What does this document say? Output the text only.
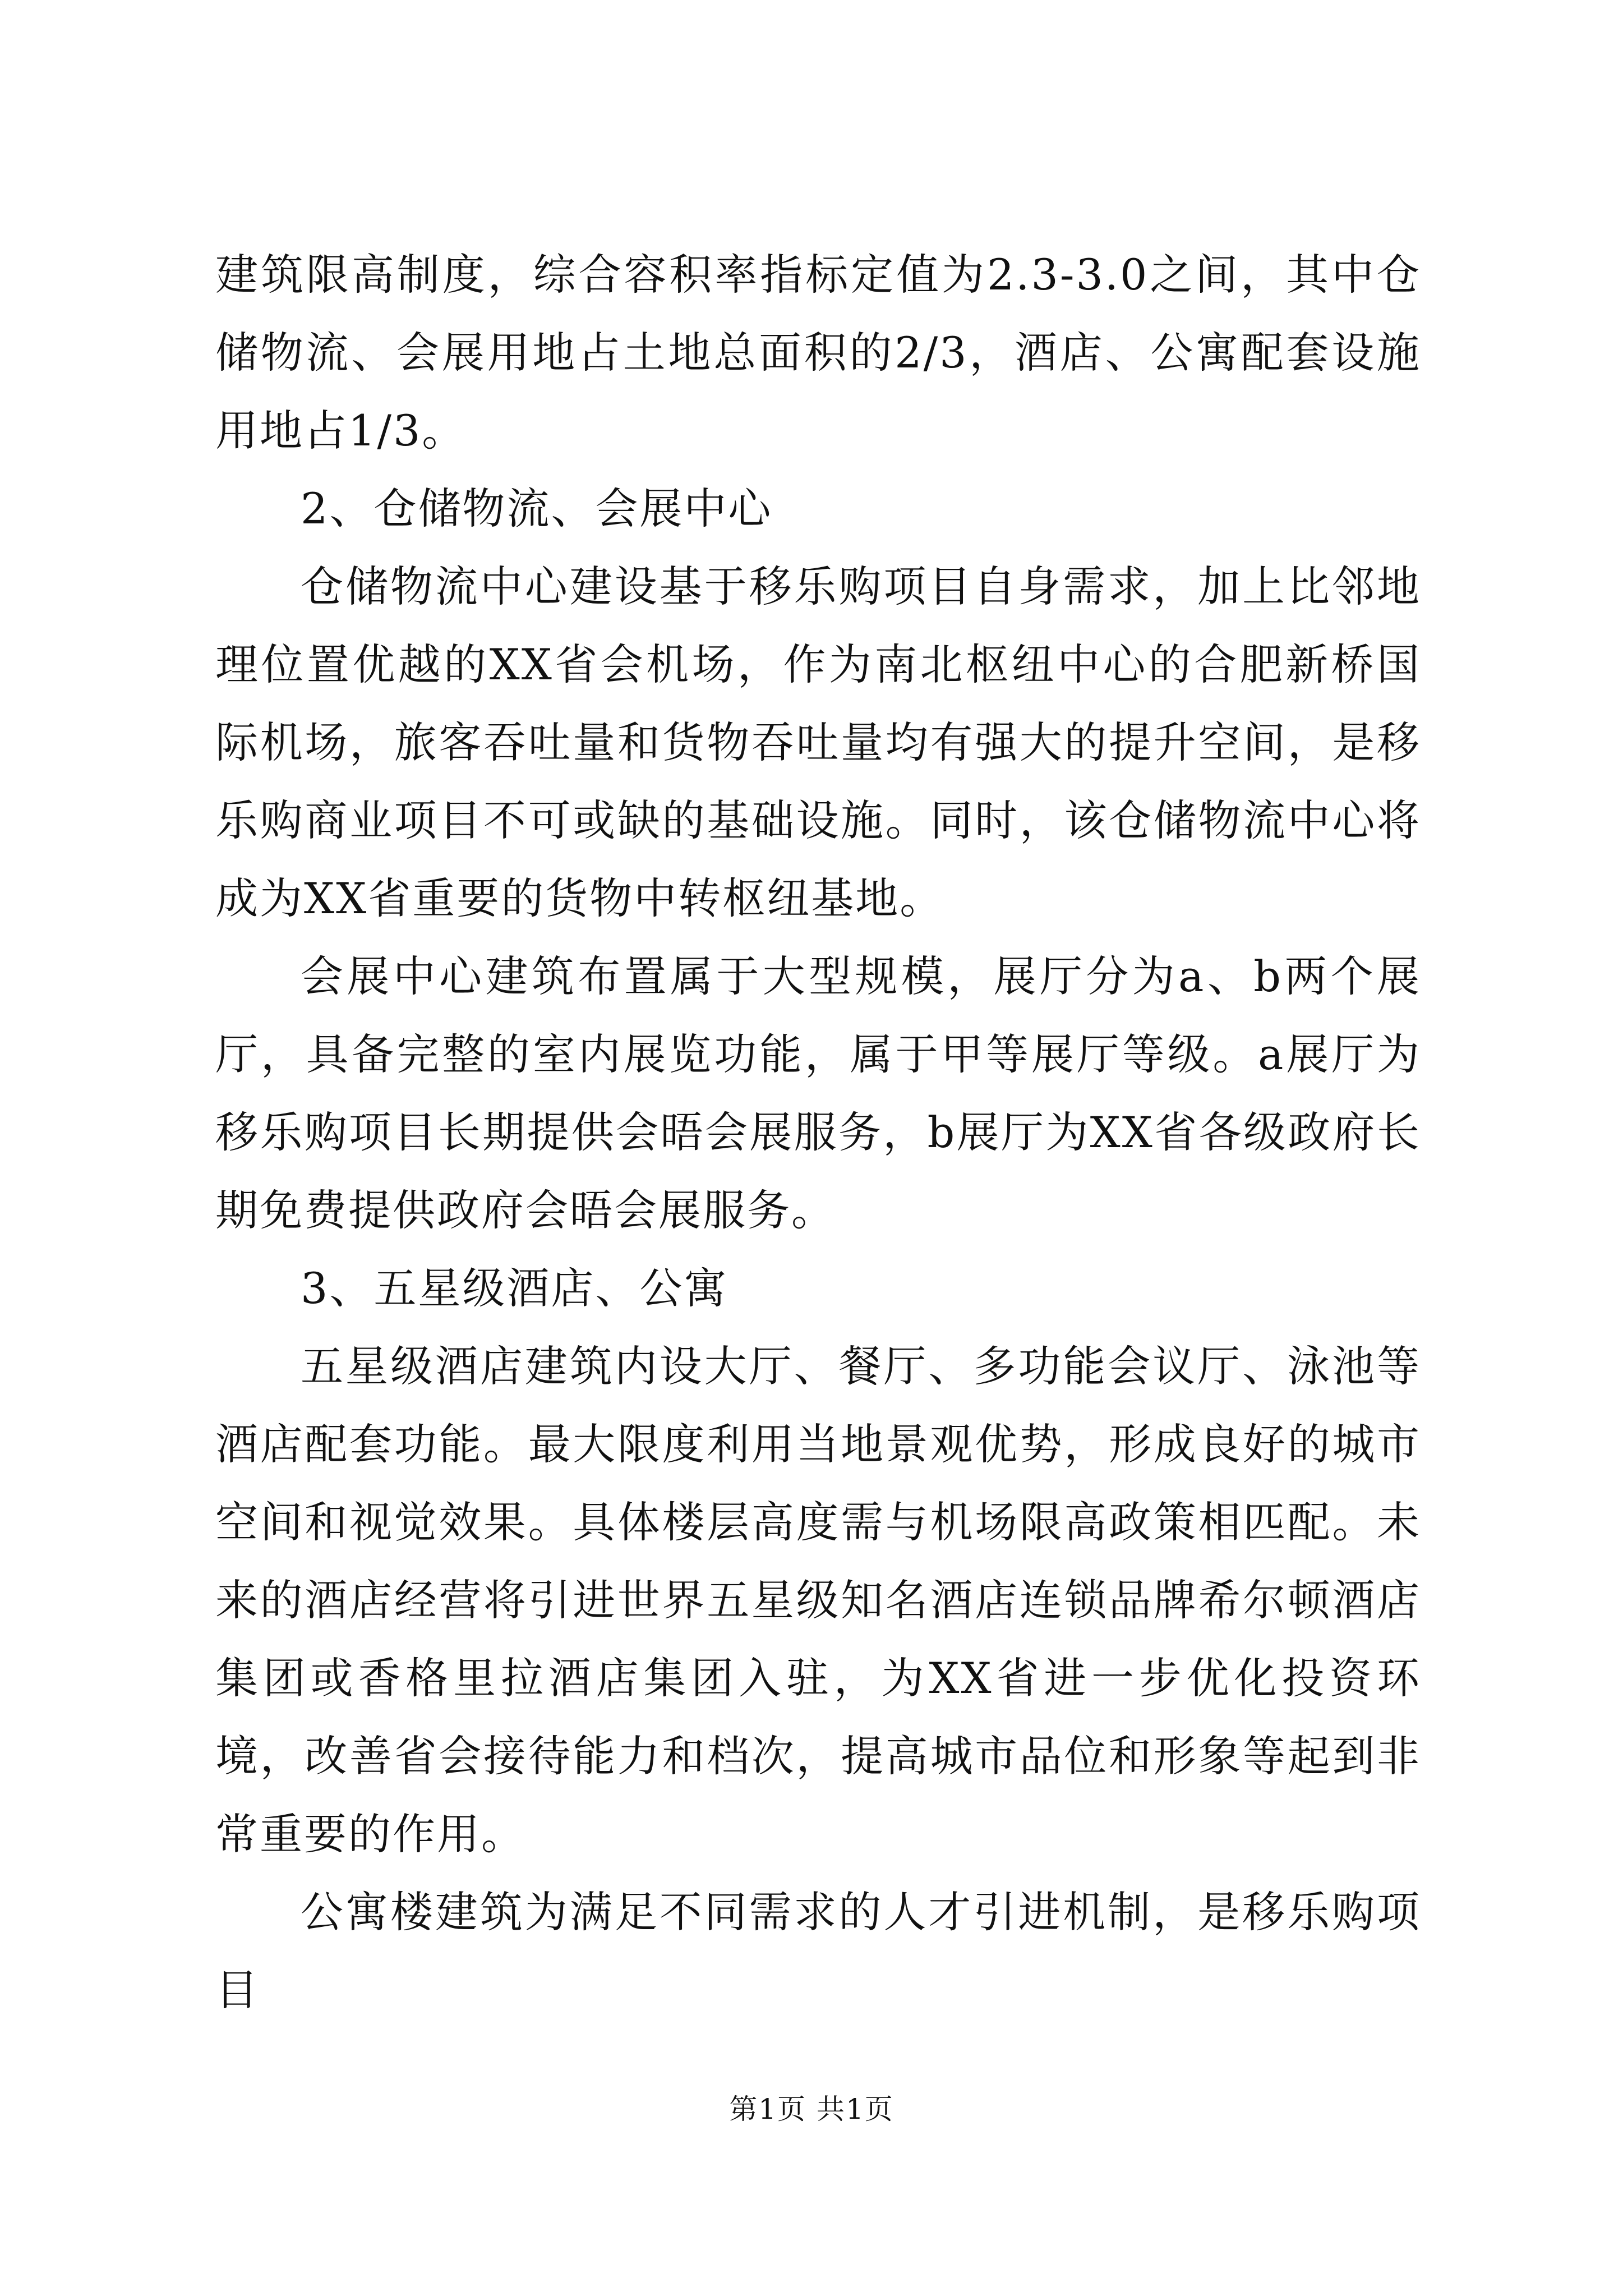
建筑限高制度，综合容积率指标定值为2.3-3.0之间，其中仓储物流、会展用地占土地总面积的2/3，酒店、公寓配套设施用地占1/3。

2、仓储物流、会展中心

仓储物流中心建设基于移乐购项目自身需求，加上比邻地理位置优越的XX省会机场，作为南北枢纽中心的合肥新桥国际机场，旅客吞吐量和货物吞吐量均有强大的提升空间，是移乐购商业项目不可或缺的基础设施。同时，该仓储物流中心将成为XX省重要的货物中转枢纽基地。

会展中心建筑布置属于大型规模，展厅分为a、b两个展厅，具备完整的室内展览功能，属于甲等展厅等级。a展厅为移乐购项目长期提供会晤会展服务，b展厅为XX省各级政府长期免费提供政府会晤会展服务。

3、五星级酒店、公寓

五星级酒店建筑内设大厅、餐厅、多功能会议厅、泳池等酒店配套功能。最大限度利用当地景观优势，形成良好的城市空间和视觉效果。具体楼层高度需与机场限高政策相匹配。未来的酒店经营将引进世界五星级知名酒店连锁品牌希尔顿酒店集团或香格里拉酒店集团入驻，为XX省进一步优化投资环境，改善省会接待能力和档次，提高城市品位和形象等起到非常重要的作用。

公寓楼建筑为满足不同需求的人才引进机制，是移乐购项目

第1页 共1页
